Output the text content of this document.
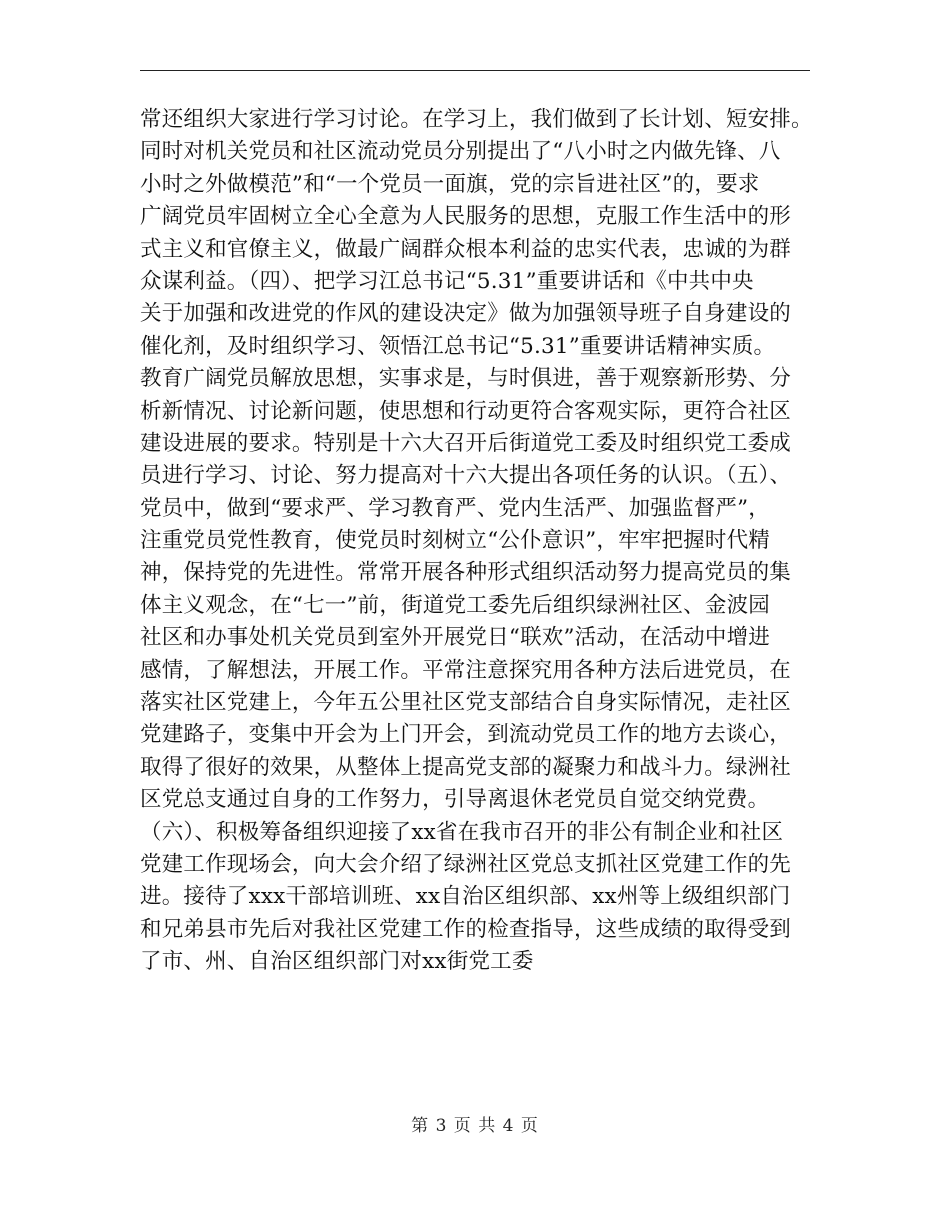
常还组织大家进行学习讨论。在学习上，我们做到了长计划、短安排。
同时对机关党员和社区流动党员分别提出了“八小时之内做先锋、八
小时之外做模范”和“一个党员一面旗，党的宗旨进社区”的，要求
广阔党员牢固树立全心全意为人民服务的思想，克服工作生活中的形
式主义和官僚主义，做最广阔群众根本利益的忠实代表，忠诚的为群
众谋利益。（四）、把学习江总书记“5.31”重要讲话和《中共中央
关于加强和改进党的作风的建设决定》做为加强领导班子自身建设的
催化剂，及时组织学习、领悟江总书记“5.31”重要讲话精神实质。
教育广阔党员解放思想，实事求是，与时俱进，善于观察新形势、分
析新情况、讨论新问题，使思想和行动更符合客观实际，更符合社区
建设进展的要求。特别是十六大召开后街道党工委及时组织党工委成
员进行学习、讨论、努力提高对十六大提出各项任务的认识。（五）、
党员中，做到“要求严、学习教育严、党内生活严、加强监督严”，
注重党员党性教育，使党员时刻树立“公仆意识”，牢牢把握时代精
神，保持党的先进性。常常开展各种形式组织活动努力提高党员的集
体主义观念，在“七一”前，街道党工委先后组织绿洲社区、金波园
社区和办事处机关党员到室外开展党日“联欢”活动，在活动中增进
感情，了解想法，开展工作。平常注意探究用各种方法后进党员，在
落实社区党建上，今年五公里社区党支部结合自身实际情况，走社区
党建路子，变集中开会为上门开会，到流动党员工作的地方去谈心，
取得了很好的效果，从整体上提高党支部的凝聚力和战斗力。绿洲社
区党总支通过自身的工作努力，引导离退休老党员自觉交纳党费。
（六）、积极筹备组织迎接了xx省在我市召开的非公有制企业和社区
党建工作现场会，向大会介绍了绿洲社区党总支抓社区党建工作的先
进。接待了xxx干部培训班、xx自治区组织部、xx州等上级组织部门
和兄弟县市先后对我社区党建工作的检查指导，这些成绩的取得受到
了市、州、自治区组织部门对xx街党工委
第 3 页 共 4 页
